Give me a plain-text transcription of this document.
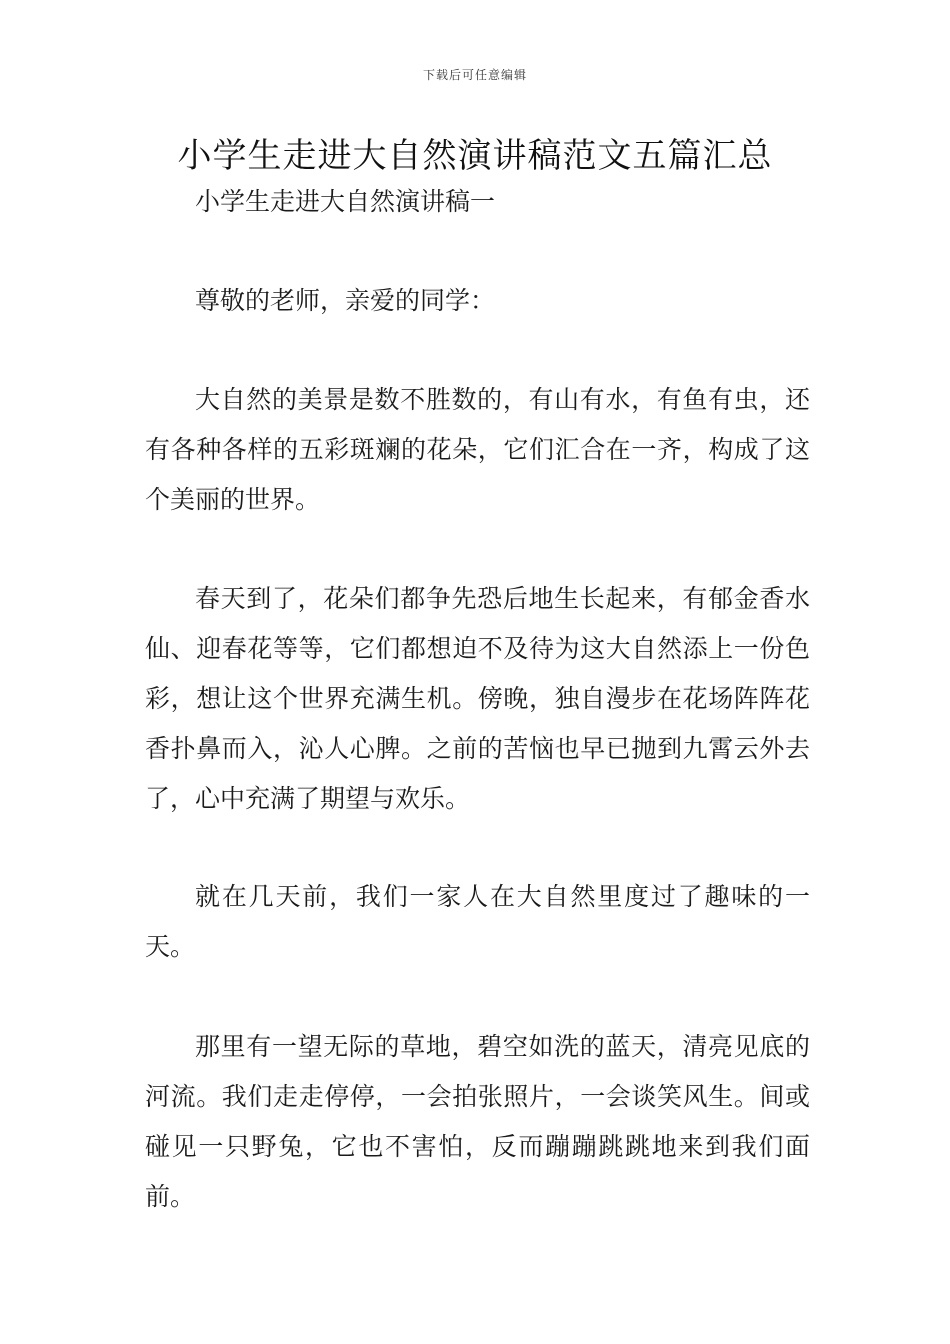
下载后可任意编辑
小学生走进大自然演讲稿范文五篇汇总
小学生走进大自然演讲稿一

尊敬的老师，亲爱的同学：

大自然的美景是数不胜数的，有山有水，有鱼有虫，还有各种各样的五彩斑斓的花朵，它们汇合在一齐，构成了这个美丽的世界。

春天到了，花朵们都争先恐后地生长起来，有郁金香水仙、迎春花等等，它们都想迫不及待为这大自然添上一份色彩，想让这个世界充满生机。傍晚，独自漫步在花场阵阵花香扑鼻而入，沁人心脾。之前的苦恼也早已抛到九霄云外去了，心中充满了期望与欢乐。

就在几天前，我们一家人在大自然里度过了趣味的一天。

那里有一望无际的草地，碧空如洗的蓝天，清亮见底的河流。我们走走停停，一会拍张照片，一会谈笑风生。间或碰见一只野兔，它也不害怕，反而蹦蹦跳跳地来到我们面前。
